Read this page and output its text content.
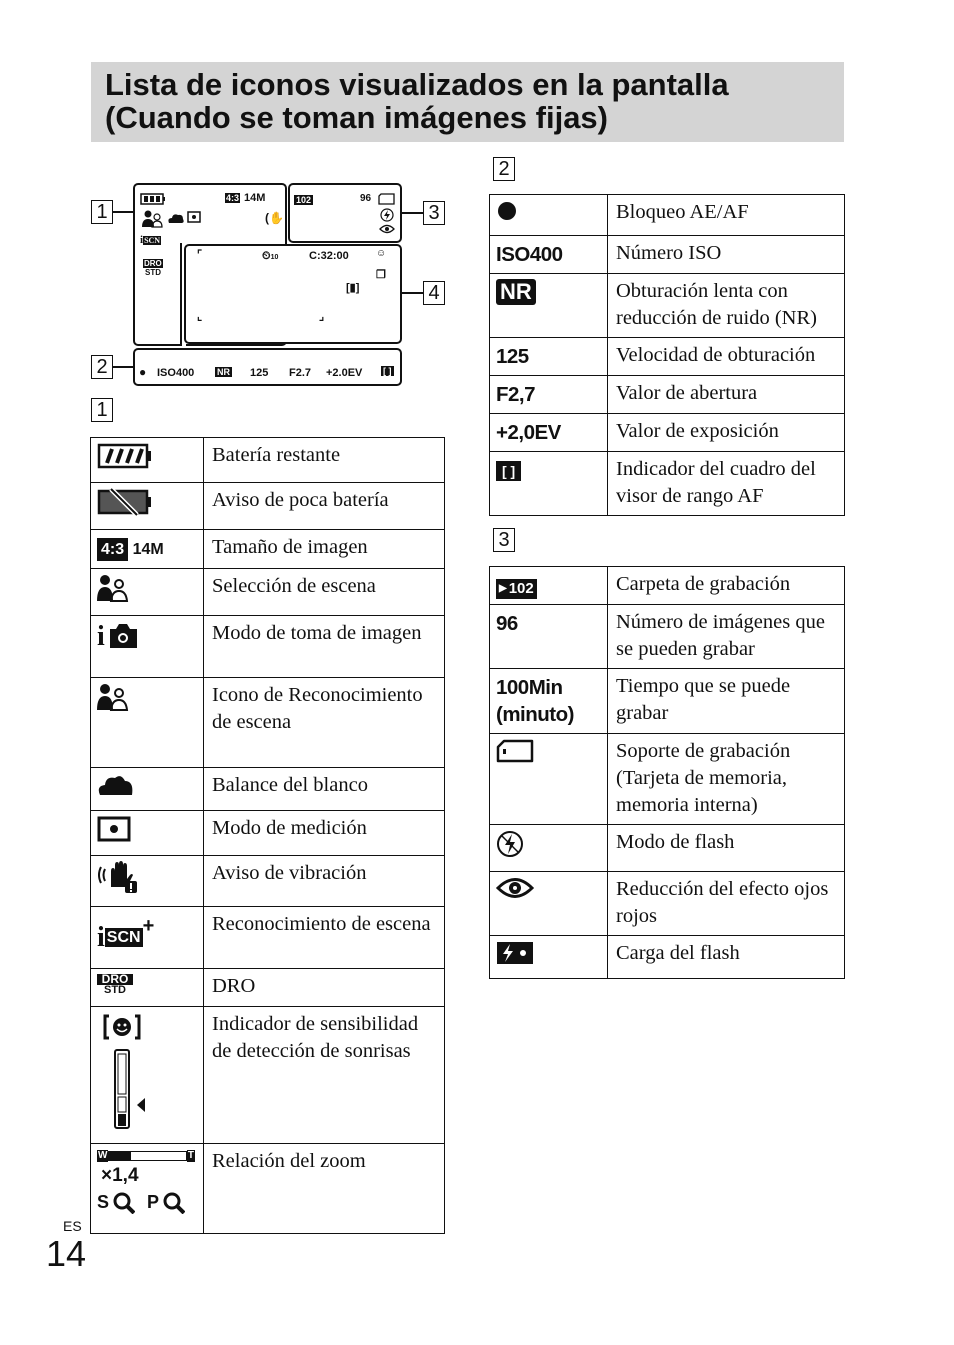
Lista de iconos visualizados en la pantalla
(Cuando se toman imágenes fijas)
1
2
3
4
4:3 14M
(✋
iSCN
DRO
STD
102	96
⌜	⏲10	C:32:00	☺
❐
[▮]
⌞	⌟
● ISO400	NR 125 F2.7 +2.0EV [ ]
1
	Batería restante
	Aviso de poca batería
4:3 14M	Tamaño de imagen
	Selección de escena

i	Modo de toma de imagen
	Icono de Reconocimiento de escena
	Balance del blanco
	Modo de medición
	Aviso de vibración
i SCN+	Reconocimiento de escena

DRO
STD	DRO
	Indicador de sensibilidad de detección de sonrisas

W T
×1,4
S P	Relación del zoom
2
	Bloqueo AE/AF
ISO400	Número ISO
NR	Obturación lenta con reducción de ruido (NR)
125	Velocidad de obturación
F2,7	Valor de abertura
+2,0EV	Valor de exposición
[ ]	Indicador del cuadro del visor de rango AF
3
▶ 102	Carpeta de grabación
96	Número de imágenes que se pueden grabar
100Min (minuto)	Tiempo que se puede grabar
	Soporte de grabación (Tarjeta de memoria, memoria interna)
	Modo de flash
	Reducción del efecto ojos rojos
	Carga del flash
ES
14
